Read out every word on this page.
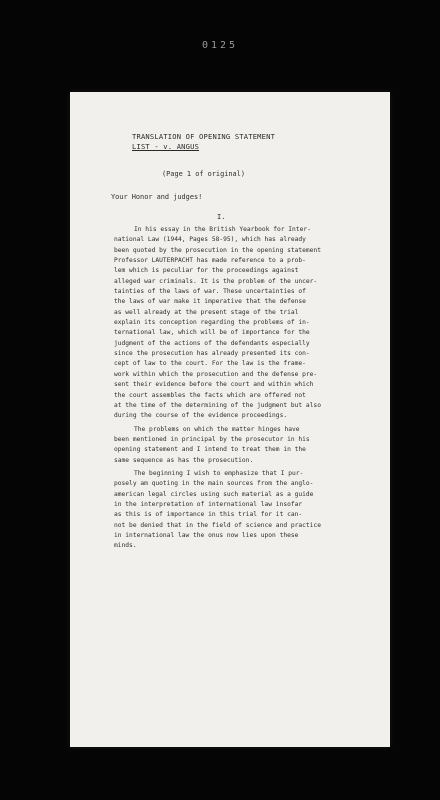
0125
TRANSLATION OF OPENING STATEMENT
LIST - v. ANGUS
(Page 1 of original)
Your Honor and judges!
I.
In his essay in the British Yearbook for Inter-
national Law (1944, Pages 58-95), which has already
been quoted by the prosecution in the opening statement
Professor LAUTERPACHT has made reference to a prob-
lem which is peculiar for the proceedings against
alleged war criminals. It is the problem of the uncer-
tainties of the laws of war. These uncertainties of
the laws of war make it imperative that the defense
as well already at the present stage of the trial
explain its conception regarding the problems of in-
ternational law, which will be of importance for the
judgment of the actions of the defendants especially
since the prosecution has already presented its con-
cept of law to the court. For the law is the frame-
work within which the prosecution and the defense pre-
sent their evidence before the court and within which
the court assembles the facts which are offered not
at the time of the determining of the judgment but also
during the course of the evidence proceedings.
The problems on which the matter hinges have
been mentioned in principal by the prosecutor in his
opening statement and I intend to treat them in the
same sequence as has the prosecution.
The beginning I wish to emphasize that I pur-
posely am quoting in the main sources from the anglo-
american legal circles using such material as a guide
in the interpretation of international law insofar
as this is of importance in this trial for it can-
not be denied that in the field of science and practice
in international law the onus now lies upon these
minds.
